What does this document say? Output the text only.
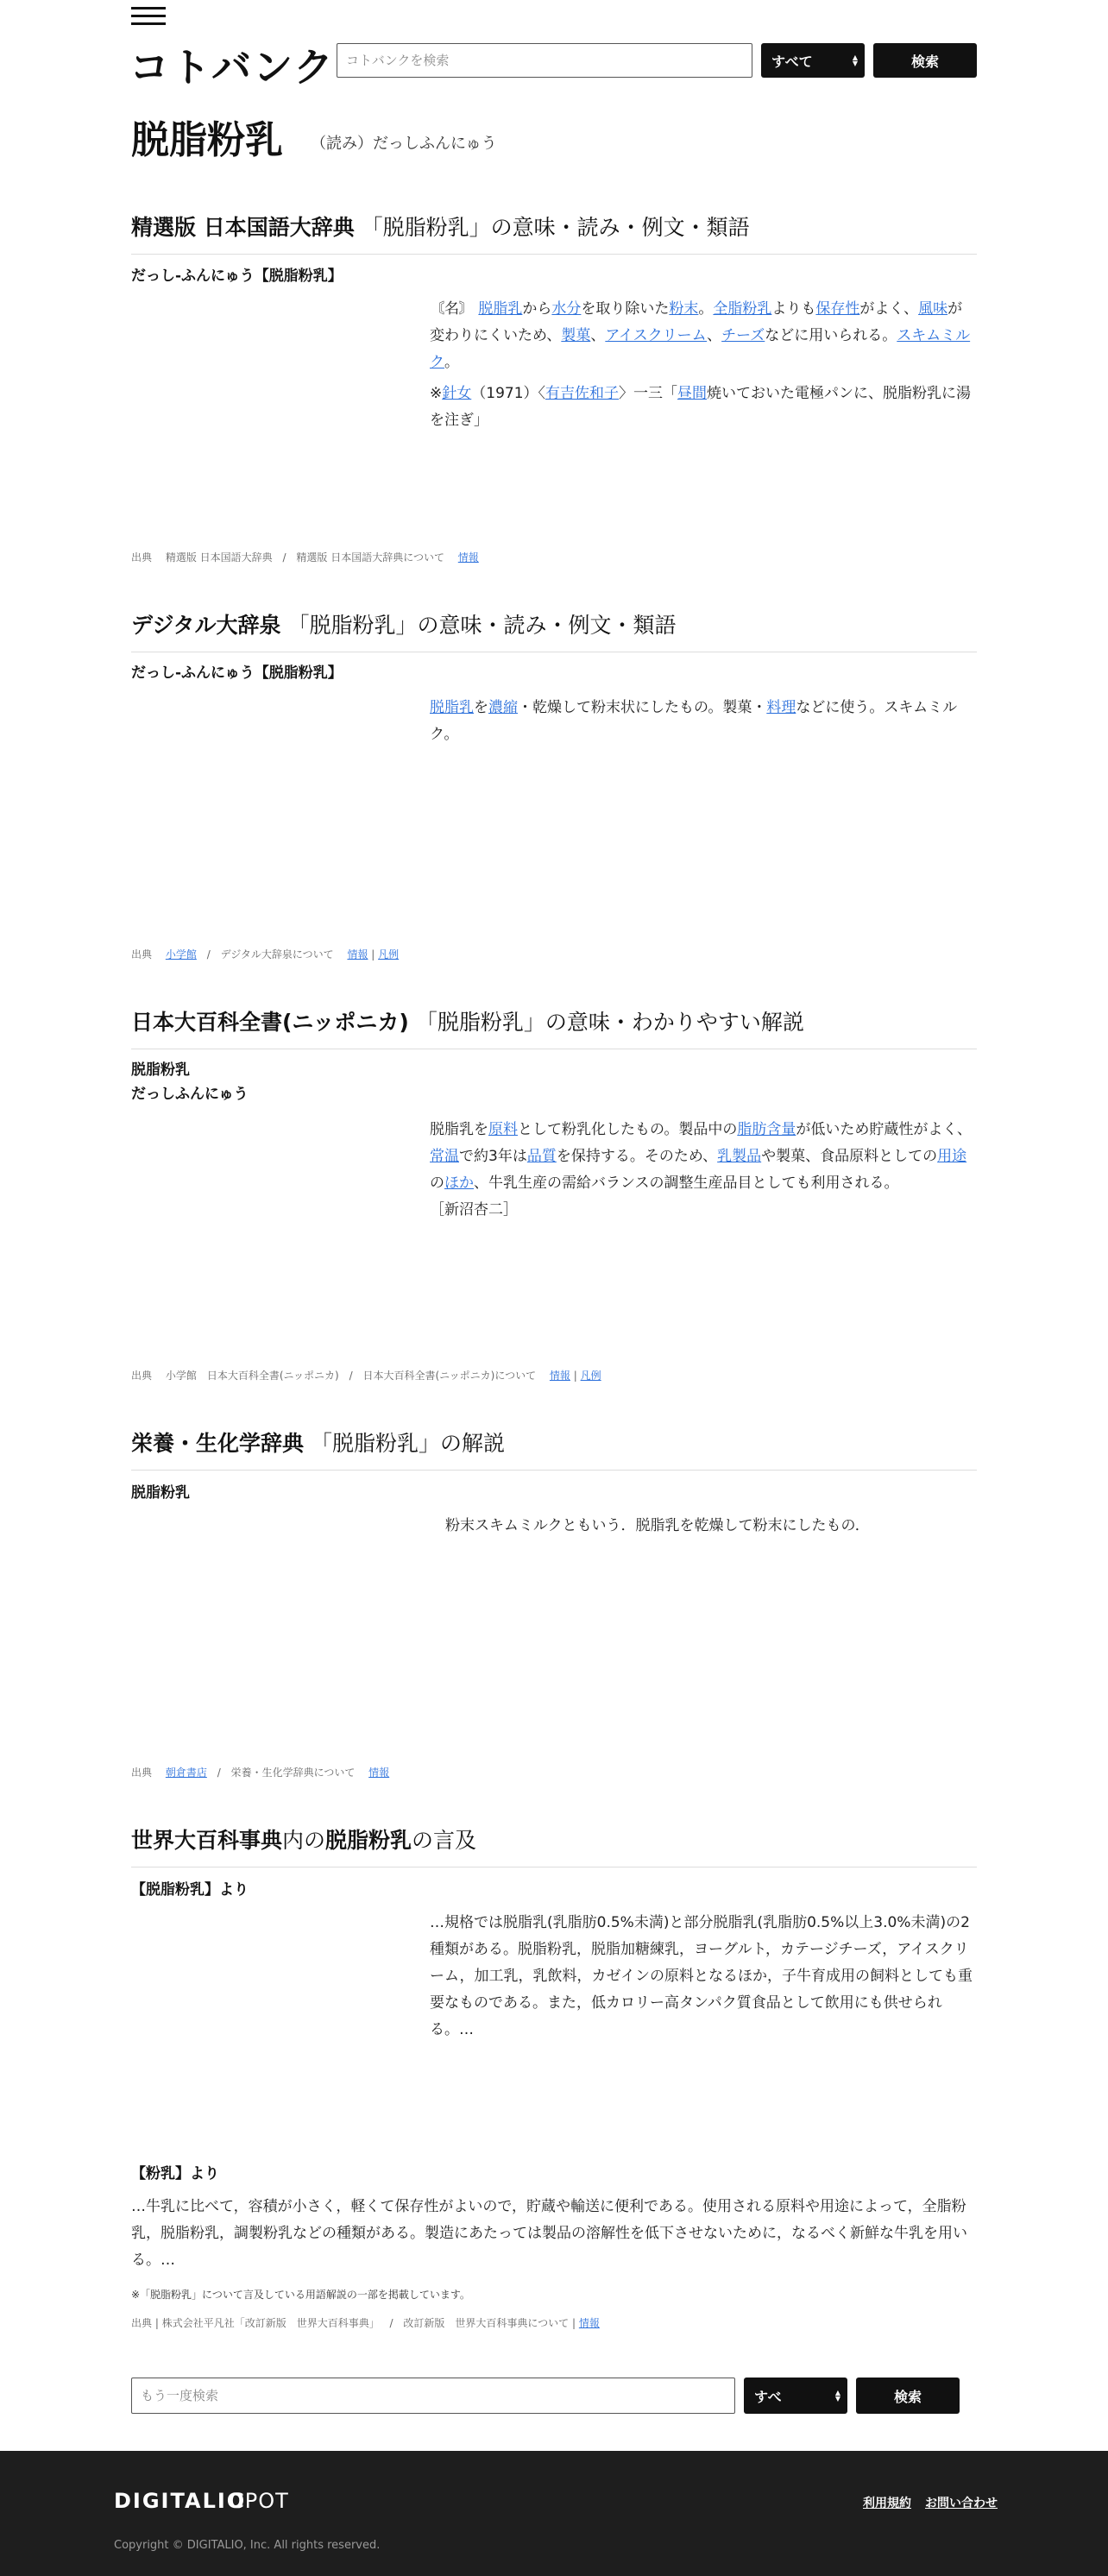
コトバンク
コトバンクを検索	すべて	▲
▼	検索
脱脂粉乳 （読み）だっしふんにゅう
精選版 日本国語大辞典 「脱脂粉乳」の意味・読み・例文・類語
だっし‐ふんにゅう【脱脂粉乳】
〘名〙 脱脂乳から水分を取り除いた粉末。全脂粉乳よりも保存性がよく、風味が変わりにくいため、製菓、アイスクリーム、チーズなどに用いられる。スキムミルク。
※針女（1971）〈有吉佐和子〉一三「昼間焼いておいた電極パンに、脱脂粉乳に湯を注ぎ」
出典 精選版 日本国語大辞典 / 精選版 日本国語大辞典について 情報
デジタル大辞泉 「脱脂粉乳」の意味・読み・例文・類語
だっし‐ふんにゅう【脱脂粉乳】
脱脂乳を濃縮・乾燥して粉末状にしたもの。製菓・料理などに使う。スキムミルク。
出典 小学館 / デジタル大辞泉について 情報 | 凡例
日本大百科全書(ニッポニカ) 「脱脂粉乳」の意味・わかりやすい解説
脱脂粉乳
だっしふんにゅう
脱脂乳を原料として粉乳化したもの。製品中の脂肪含量が低いため貯蔵性がよく、常温で約3年は品質を保持する。そのため、乳製品や製菓、食品原料としての用途のほか、牛乳生産の需給バランスの調整生産品目としても利用される。
［新沼杏二］
出典 小学館　日本大百科全書(ニッポニカ) / 日本大百科全書(ニッポニカ)について 情報 | 凡例
栄養・生化学辞典 「脱脂粉乳」の解説
脱脂粉乳
粉末スキムミルクともいう．脱脂乳を乾燥して粉末にしたもの．
出典 朝倉書店 / 栄養・生化学辞典について 情報
世界大百科事典内の脱脂粉乳の言及
【脱脂粉乳】より
…規格では脱脂乳(乳脂肪0.5%未満)と部分脱脂乳(乳脂肪0.5%以上3.0%未満)の2種類がある。脱脂粉乳，脱脂加糖練乳，ヨーグルト，カテージチーズ，アイスクリーム，加工乳，乳飲料，カゼインの原料となるほか，子牛育成用の飼料としても重要なものである。また，低カロリー高タンパク質食品として飲用にも供せられる。…
【粉乳】より
…牛乳に比べて，容積が小さく，軽くて保存性がよいので，貯蔵や輸送に便利である。使用される原料や用途によって，全脂粉乳，脱脂粉乳，調製粉乳などの種類がある。製造にあたっては製品の溶解性を低下させないために，なるべく新鮮な牛乳を用いる。…
※「脱脂粉乳」について言及している用語解説の一部を掲載しています。
出典 | 株式会社平凡社「改訂新版　世界大百科事典」 / 改訂新版　世界大百科事典について | 情報
もう一度検索
すべ	▲
▼	検索
DIGITALIO
CPOT	利用規約 お問い合わせ
Copyright © DIGITALIO, Inc. All rights reserved.
